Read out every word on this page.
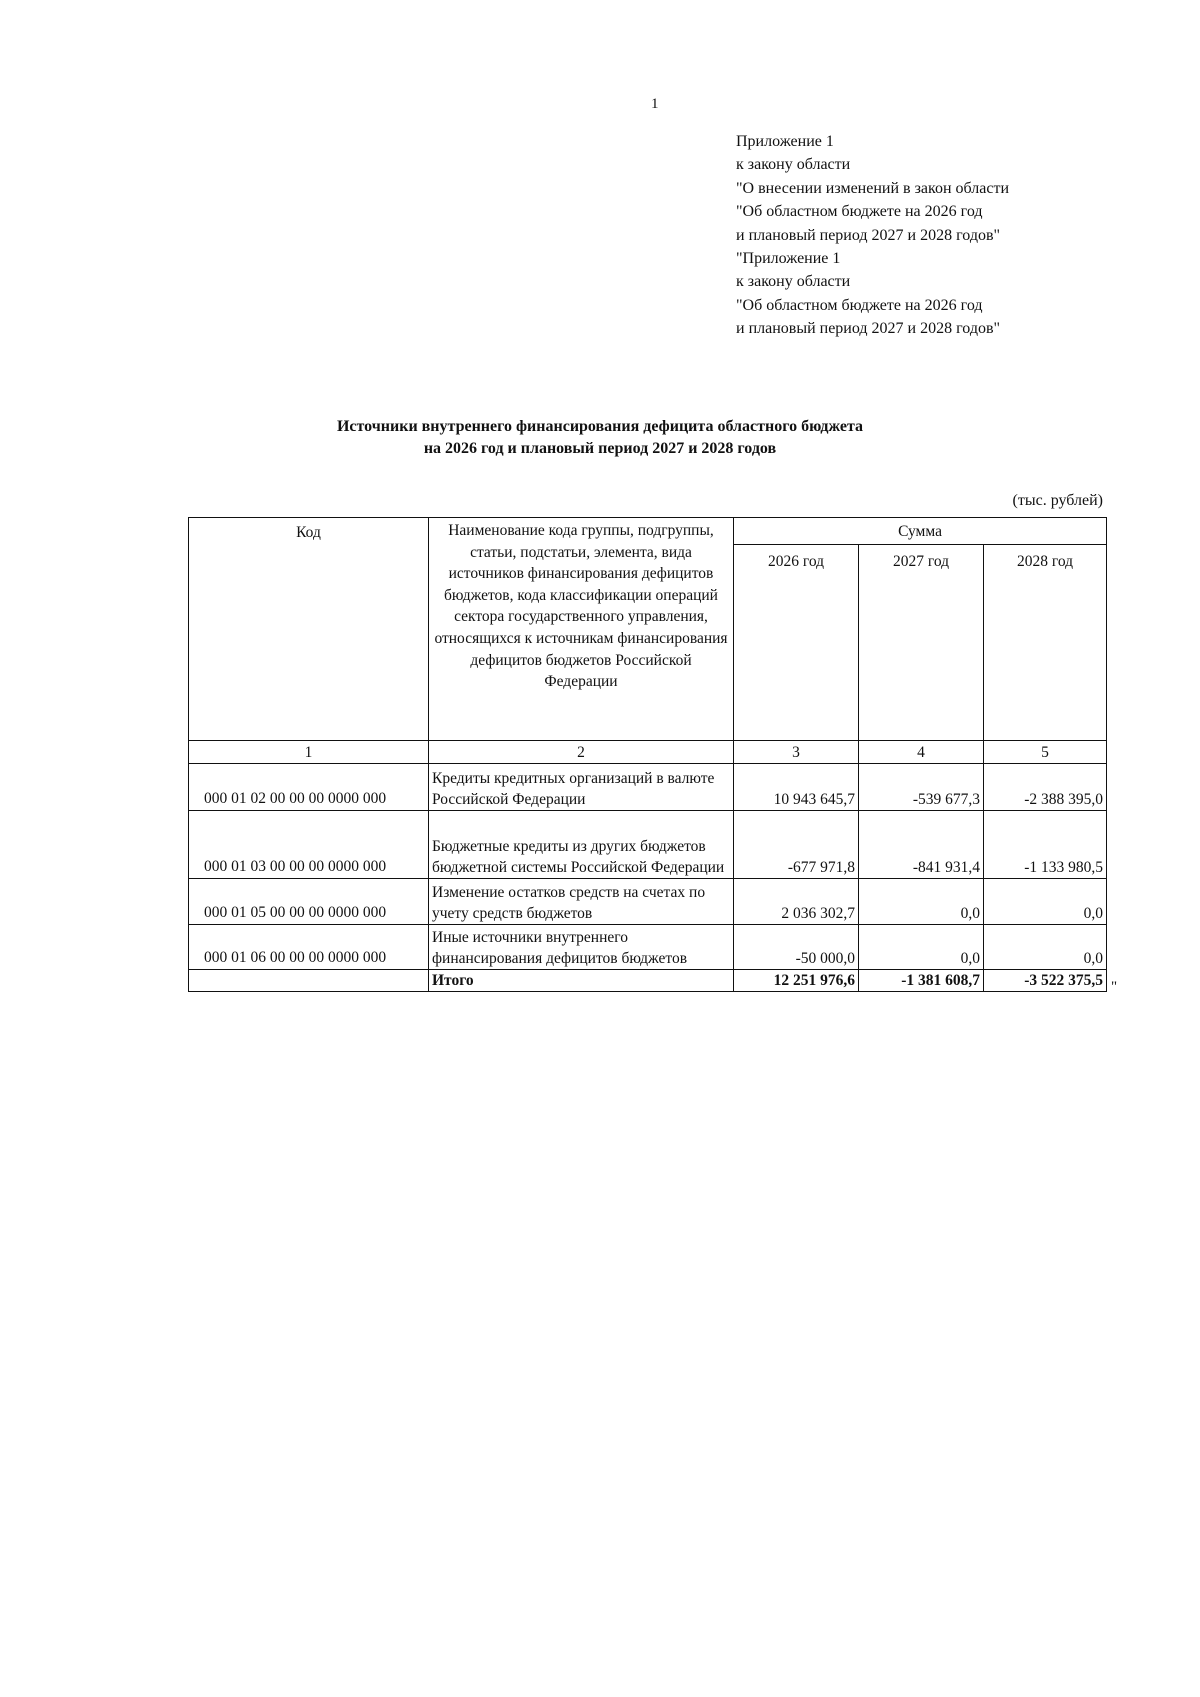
1
Приложение 1
к закону области
"О внесении изменений в закон области
"Об областном бюджете на 2026 год
и плановый период 2027 и 2028 годов"
"Приложение 1
к закону области
"Об областном бюджете на 2026 год
и плановый период 2027 и 2028 годов"
Источники внутреннего финансирования дефицита областного бюджета
на 2026 год и плановый период 2027 и 2028 годов
(тыс. рублей)
Код	Наименование кода группы, подгруппы, статьи, подстатьи, элемента, вида источников финансирования дефицитов бюджетов, кода классификации операций сектора государственного управления, относящихся к источникам финансирования дефицитов бюджетов Российской Федерации	Сумма		
		2026 год	2027 год	2028 год
1	2	3	4	5
000 01 02 00 00 00 0000 000	Кредиты кредитных организаций в валюте Российской Федерации	10 943 645,7	-539 677,3	-2 388 395,0
000 01 03 00 00 00 0000 000	Бюджетные кредиты из других бюджетов бюджетной системы Российской Федерации	-677 971,8	-841 931,4	-1 133 980,5
000 01 05 00 00 00 0000 000	Изменение остатков средств на счетах по учету средств бюджетов	2 036 302,7	0,0	0,0
000 01 06 00 00 00 0000 000	Иные источники внутреннего финансирования дефицитов бюджетов	-50 000,0	0,0	0,0
	Итого	12 251 976,6	-1 381 608,7	-3 522 375,5 "
